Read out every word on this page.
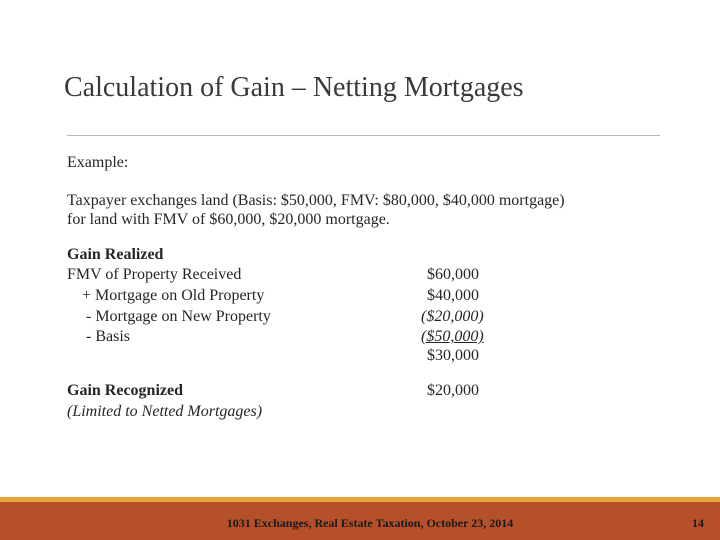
Calculation of Gain – Netting Mortgages
Example:
Taxpayer exchanges land (Basis: $50,000, FMV: $80,000, $40,000 mortgage)
for land with FMV of $60,000, $20,000 mortgage.
Gain Realized
FMV of Property Received	$60,000
+ Mortgage on Old Property	$40,000
- Mortgage on New Property	($20,000)
- Basis	($50,000)
$30,000
Gain Recognized	$20,000
(Limited to Netted Mortgages)
1031 Exchanges, Real Estate Taxation, October 23, 2014	14
